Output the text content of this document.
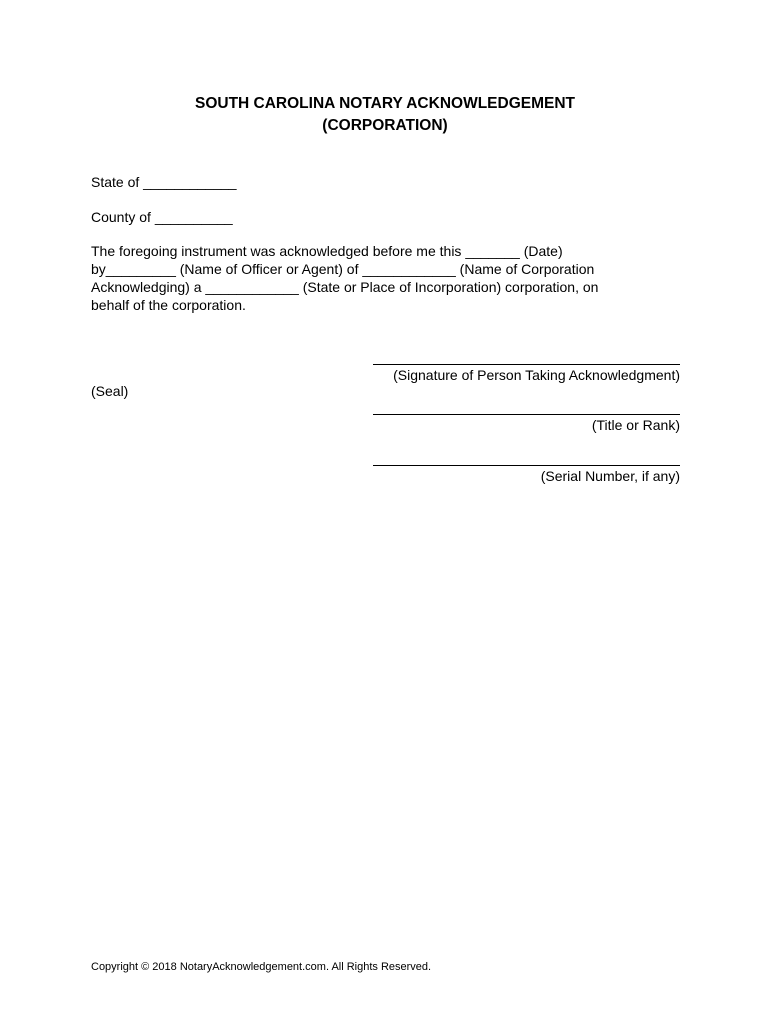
SOUTH CAROLINA NOTARY ACKNOWLEDGEMENT
(CORPORATION)
State of ____________
County of __________
The foregoing instrument was acknowledged before me this _______ (Date)
by_________ (Name of Officer or Agent) of ____________ (Name of Corporation
Acknowledging) a ____________ (State or Place of Incorporation) corporation, on
behalf of the corporation.
(Seal)
(Signature of Person Taking Acknowledgment)
(Title or Rank)
(Serial Number, if any)
Copyright © 2018 NotaryAcknowledgement.com. All Rights Reserved.
